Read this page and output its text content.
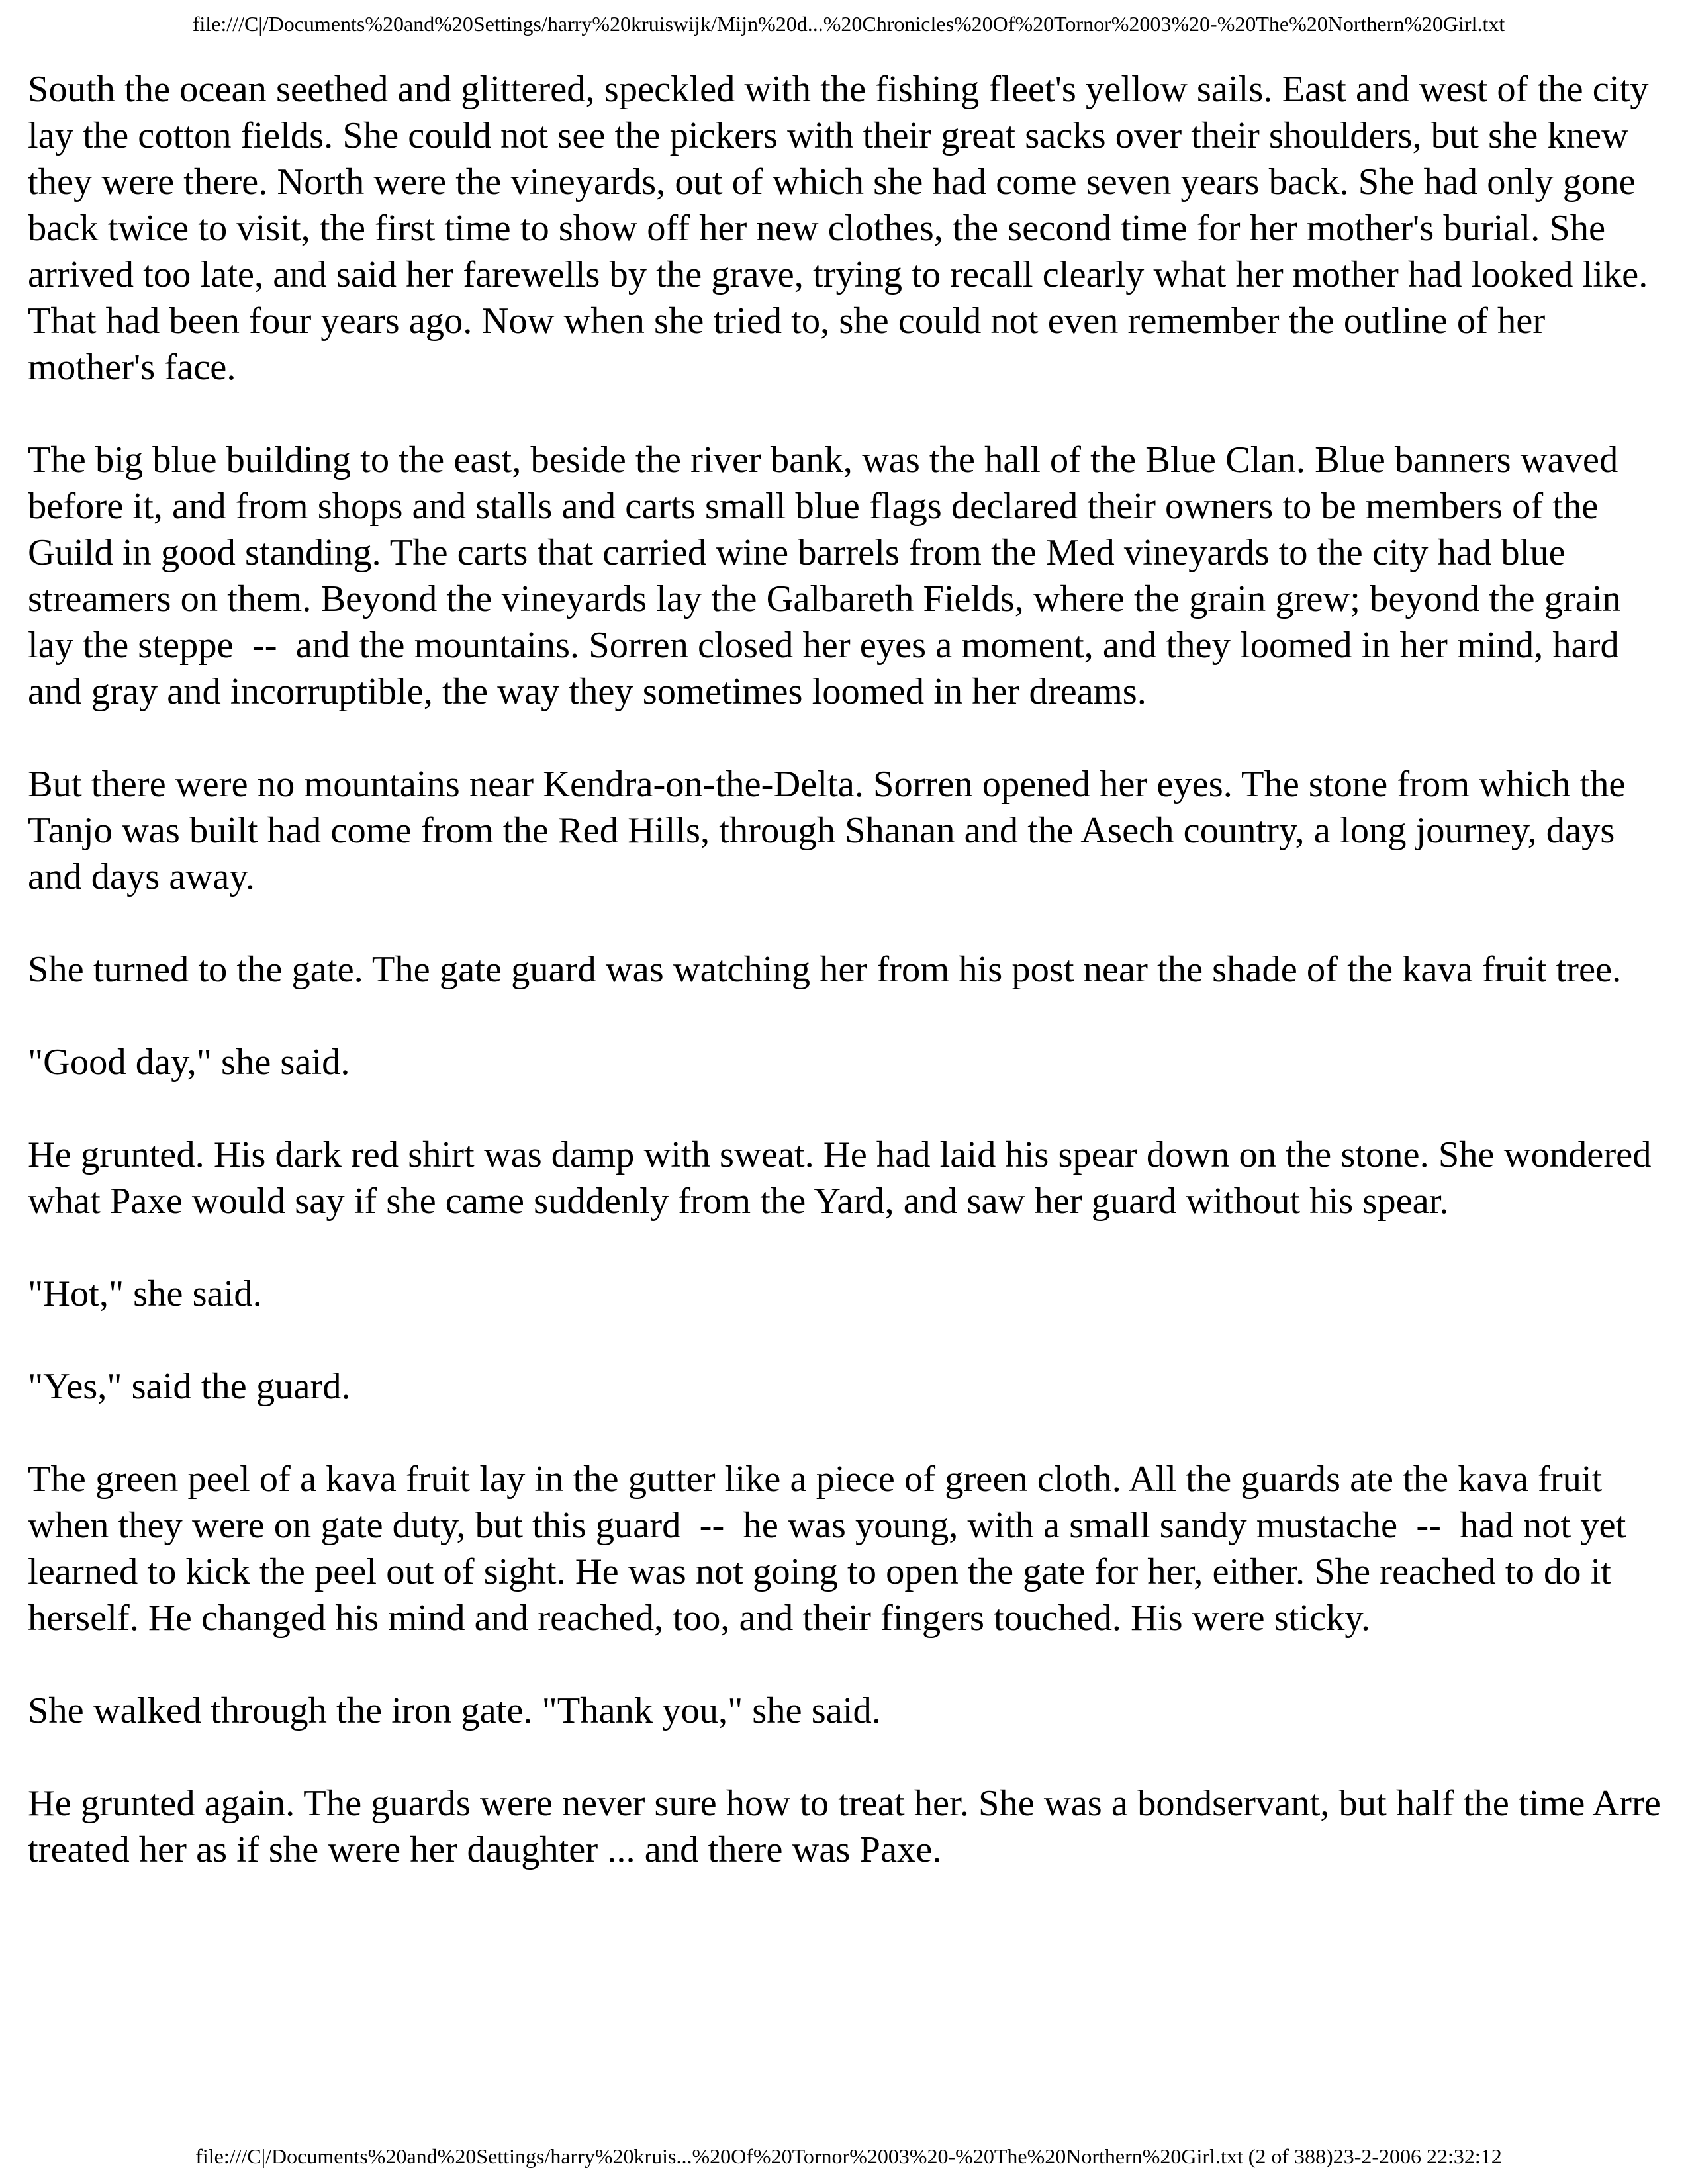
file:///C|/Documents%20and%20Settings/harry%20kruiswijk/Mijn%20d...%20Chronicles%20Of%20Tornor%2003%20-%20The%20Northern%20Girl.txt

South the ocean seethed and glittered, speckled with the fishing fleet's yellow sails. East and west of the city lay the cotton fields. She could not see the pickers with their great sacks over their shoulders, but she knew they were there. North were the vineyards, out of which she had come seven years back. She had only gone back twice to visit, the first time to show off her new clothes, the second time for her mother's burial. She arrived too late, and said her farewells by the grave, trying to recall clearly what her mother had looked like. That had been four years ago. Now when she tried to, she could not even remember the outline of her mother's face.

The big blue building to the east, beside the river bank, was the hall of the Blue Clan. Blue banners waved before it, and from shops and stalls and carts small blue flags declared their owners to be members of the Guild in good standing. The carts that carried wine barrels from the Med vineyards to the city had blue streamers on them. Beyond the vineyards lay the Galbareth Fields, where the grain grew; beyond the grain lay the steppe  --  and the mountains. Sorren closed her eyes a moment, and they loomed in her mind, hard and gray and incorruptible, the way they sometimes loomed in her dreams.

But there were no mountains near Kendra-on-the-Delta. Sorren opened her eyes. The stone from which the Tanjo was built had come from the Red Hills, through Shanan and the Asech country, a long journey, days and days away.

She turned to the gate. The gate guard was watching her from his post near the shade of the kava fruit tree.

"Good day," she said.

He grunted. His dark red shirt was damp with sweat. He had laid his spear down on the stone. She wondered what Paxe would say if she came suddenly from the Yard, and saw her guard without his spear.

"Hot," she said.

"Yes," said the guard.

The green peel of a kava fruit lay in the gutter like a piece of green cloth. All the guards ate the kava fruit when they were on gate duty, but this guard  --  he was young, with a small sandy mustache  --  had not yet learned to kick the peel out of sight. He was not going to open the gate for her, either. She reached to do it herself. He changed his mind and reached, too, and their fingers touched. His were sticky.

She walked through the iron gate. "Thank you," she said.

He grunted again. The guards were never sure how to treat her. She was a bondservant, but half the time Arre treated her as if she were her daughter ... and there was Paxe.

file:///C|/Documents%20and%20Settings/harry%20kruis...%20Of%20Tornor%2003%20-%20The%20Northern%20Girl.txt (2 of 388)23-2-2006 22:32:12
